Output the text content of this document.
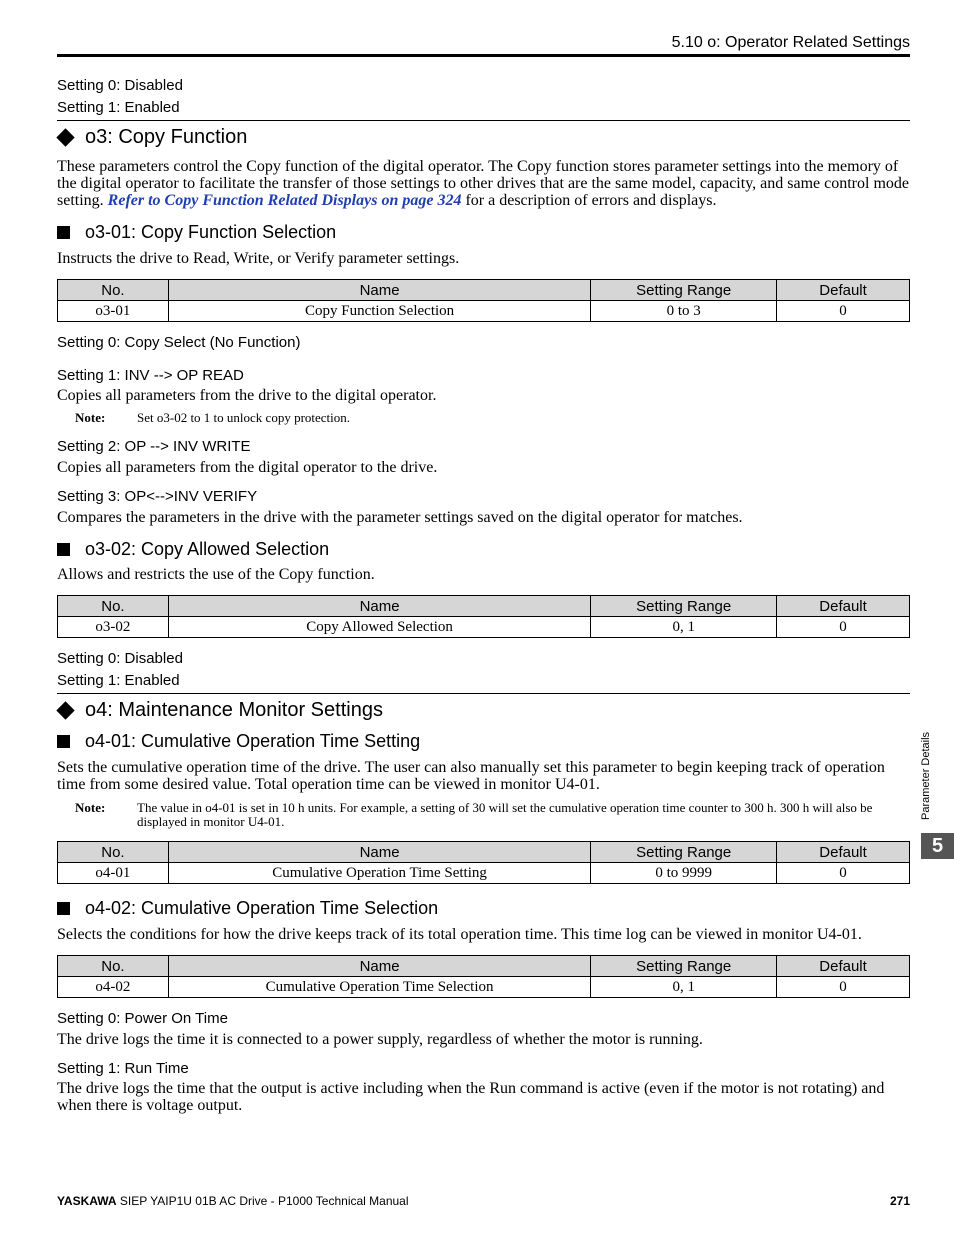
5.10 o: Operator Related Settings
Setting 0: Disabled
Setting 1: Enabled
o3: Copy Function
These parameters control the Copy function of the digital operator. The Copy function stores parameter settings into the memory of the digital operator to facilitate the transfer of those settings to other drives that are the same model, capacity, and same control mode setting. Refer to Copy Function Related Displays on page 324 for a description of errors and displays.
o3-01: Copy Function Selection
Instructs the drive to Read, Write, or Verify parameter settings.
No.	Name	Setting Range	Default
o3-01	Copy Function Selection	0 to 3	0
Setting 0: Copy Select (No Function)
Setting 1: INV --> OP READ
Copies all parameters from the drive to the digital operator.
Note:	Set o3-02 to 1 to unlock copy protection.
Setting 2: OP --> INV WRITE
Copies all parameters from the digital operator to the drive.
Setting 3: OP<-->INV VERIFY
Compares the parameters in the drive with the parameter settings saved on the digital operator for matches.
o3-02: Copy Allowed Selection
Allows and restricts the use of the Copy function.
No.	Name	Setting Range	Default
o3-02	Copy Allowed Selection	0, 1	0
Setting 0: Disabled
Setting 1: Enabled
o4: Maintenance Monitor Settings
o4-01: Cumulative Operation Time Setting
Sets the cumulative operation time of the drive. The user can also manually set this parameter to begin keeping track of operation time from some desired value. Total operation time can be viewed in monitor U4-01.
Note:	The value in o4-01 is set in 10 h units. For example, a setting of 30 will set the cumulative operation time counter to 300 h. 300 h will also be displayed in monitor U4-01.
No.	Name	Setting Range	Default
o4-01	Cumulative Operation Time Setting	0 to 9999	0
o4-02: Cumulative Operation Time Selection
Selects the conditions for how the drive keeps track of its total operation time. This time log can be viewed in monitor U4-01.
No.	Name	Setting Range	Default
o4-02	Cumulative Operation Time Selection	0, 1	0
Setting 0: Power On Time
The drive logs the time it is connected to a power supply, regardless of whether the motor is running.
Setting 1: Run Time
The drive logs the time that the output is active including when the Run command is active (even if the motor is not rotating) and when there is voltage output.
Parameter Details
5
YASKAWA SIEP YAIP1U 01B AC Drive - P1000 Technical Manual	271
